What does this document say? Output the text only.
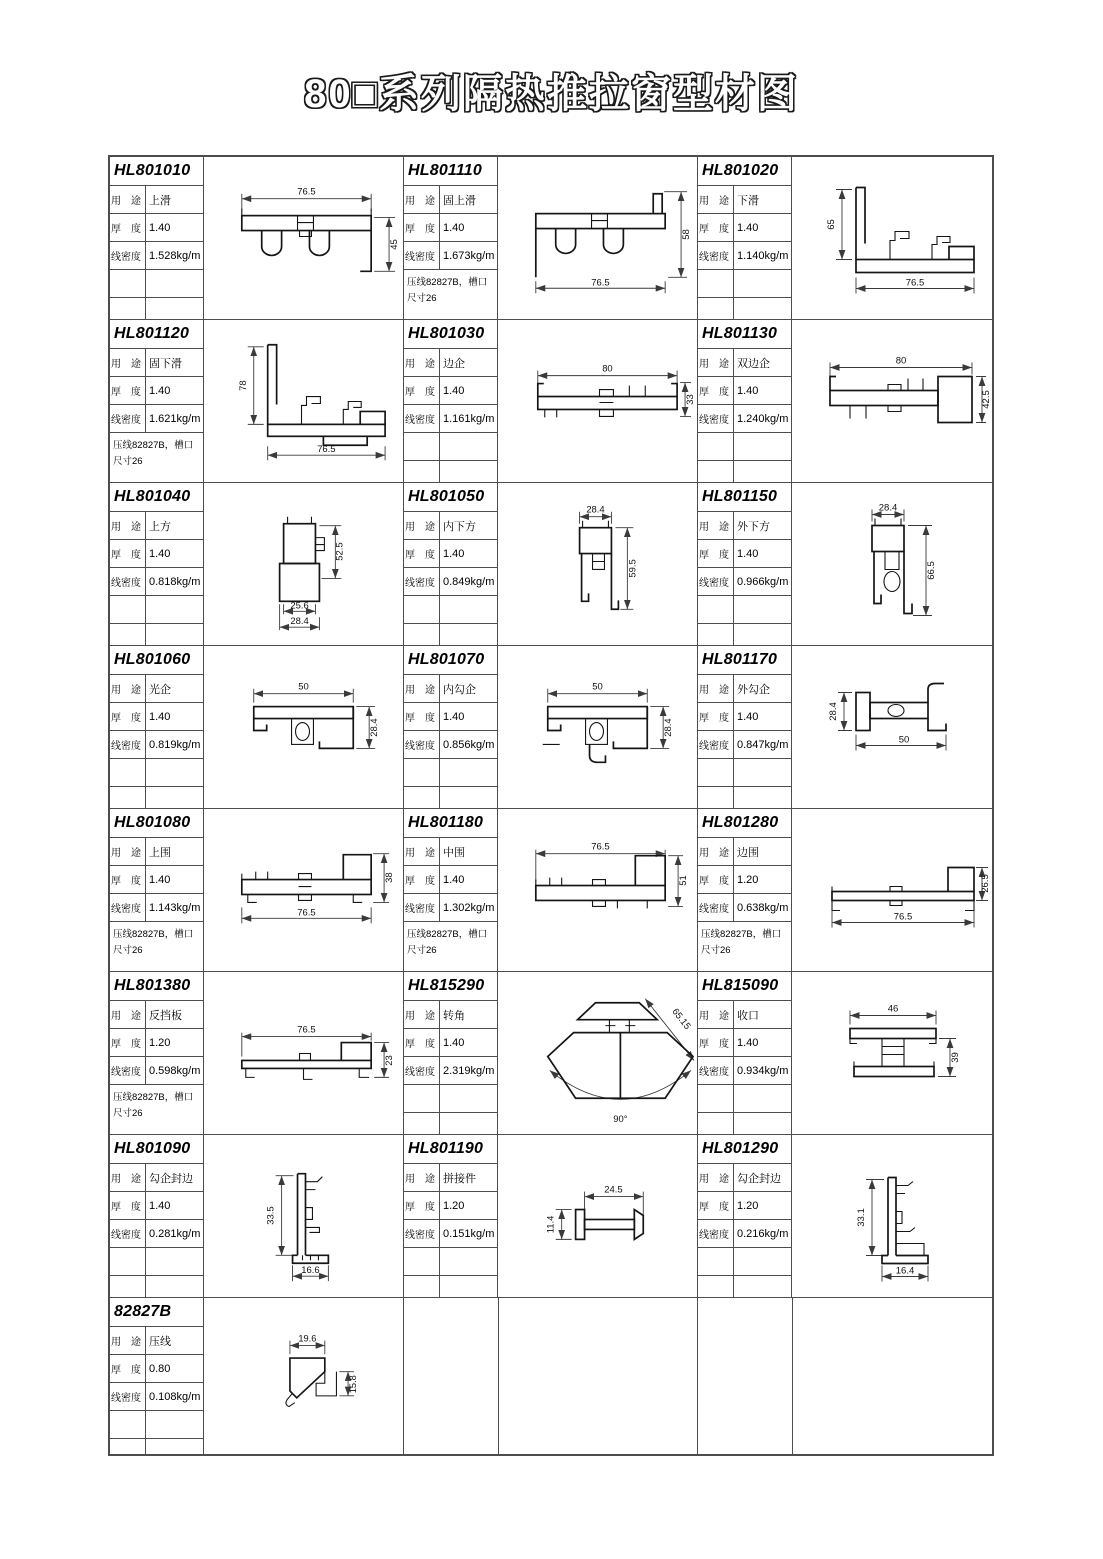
80□系列隔热推拉窗型材图
HL801010
用　途 上滑
厚　度 1.40
线密度 1.528kg/m
76.5
45
HL801110
用　途 固上滑
厚　度 1.40
线密度 1.673kg/m
压线82827B，槽口尺寸26
58
76.5
HL801020
用　途 下滑
厚　度 1.40
线密度 1.140kg/m
65
76.5
HL801120
用　途 固下滑
厚　度 1.40
线密度 1.621kg/m
压线82827B，槽口尺寸26
78
76.5
HL801030
用　途 边企
厚　度 1.40
线密度 1.161kg/m
80
33
HL801130
用　途 双边企
厚　度 1.40
线密度 1.240kg/m
80
42.5
HL801040
用　途 上方
厚　度 1.40
线密度 0.818kg/m
52.5
25.6
28.4
HL801050
用　途 内下方
厚　度 1.40
线密度 0.849kg/m
28.4
59.5
HL801150
用　途 外下方
厚　度 1.40
线密度 0.966kg/m
28.4
66.5
HL801060
用　途 光企
厚　度 1.40
线密度 0.819kg/m
50
28.4
HL801070
用　途 内勾企
厚　度 1.40
线密度 0.856kg/m
50
28.4
HL801170
用　途 外勾企
厚　度 1.40
线密度 0.847kg/m
28.4
50
HL801080
用　途 上围
厚　度 1.40
线密度 1.143kg/m
压线82827B，槽口尺寸26
38
76.5
HL801180
用　途 中围
厚　度 1.40
线密度 1.302kg/m
压线82827B，槽口尺寸26
76.5
51
HL801280
用　途 边围
厚　度 1.20
线密度 0.638kg/m
压线82827B，槽口尺寸26
26.5
76.5
HL801380
用　途 反挡板
厚　度 1.20
线密度 0.598kg/m
压线82827B，槽口尺寸26
76.5
23
HL815290
用　途 转角
厚　度 1.40
线密度 2.319kg/m
65.15
90°
HL815090
用　途 收口
厚　度 1.40
线密度 0.934kg/m
46
39
HL801090
用　途 勾企封边
厚　度 1.40
线密度 0.281kg/m
33.5
16.6
HL801190
用　途 拼接件
厚　度 1.20
线密度 0.151kg/m
24.5
11.4
HL801290
用　途 勾企封边
厚　度 1.20
线密度 0.216kg/m
33.1
16.4
82827B
用　途 压线
厚　度 0.80
线密度 0.108kg/m
19.6
15.8
